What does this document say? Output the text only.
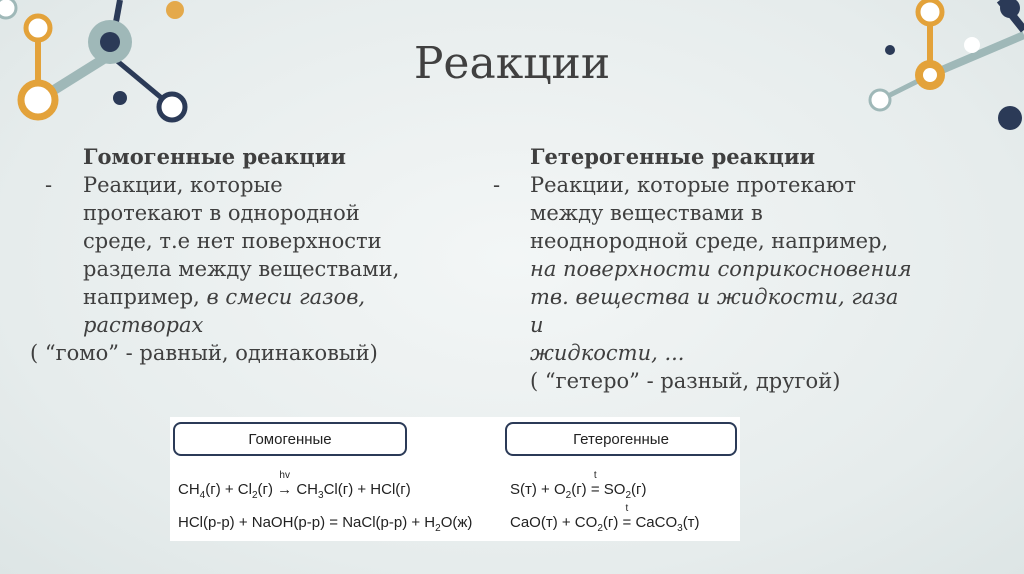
Реакции
Гомогенные реакции
- Реакции, которые
протекают в однородной
среде, т.е нет поверхности
раздела между веществами,
например, в смеси газов,
растворах
( “гомо” - равный, одинаковый)
Гетерогенные реакции
- Реакции, которые протекают
между веществами в
неоднородной среде, например,
на поверхности соприкосновения
тв. вещества и жидкости, газа и
жидкости, ...
( “гетеро” - разный, другой)
Гомогенные	Гетерогенные
$CH_4(г) + Cl_2(г)$
hv
→ $CH_3Cl(г) + HCl(г)$
HCl(р-р) + NaOH(р-р) = NaCl(р-р) + $H_2O(ж)$
$S(т) + O_2(г)$
t
= $SO_2(г)$
$CaO(т) + CO_2(г)$
t
= CaCO$_3$(т)
